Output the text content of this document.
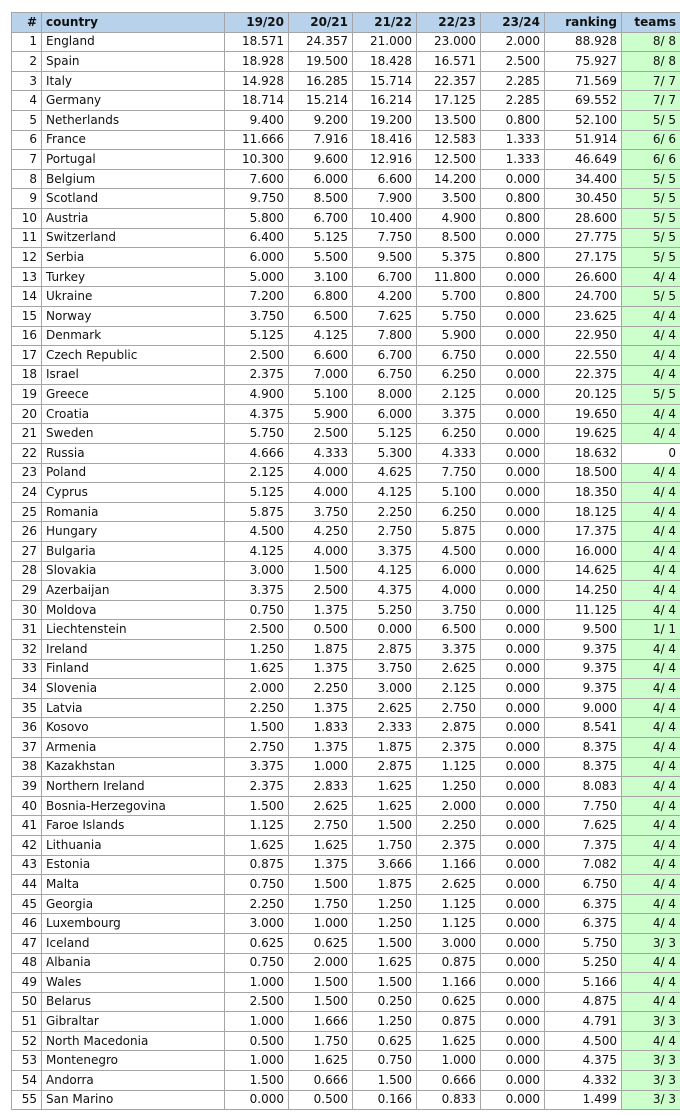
#	country	19/20	20/21	21/22	22/23	23/24	ranking	teams
1	England	18.571	24.357	21.000	23.000	2.000	88.928	8/ 8
2	Spain	18.928	19.500	18.428	16.571	2.500	75.927	8/ 8
3	Italy	14.928	16.285	15.714	22.357	2.285	71.569	7/ 7
4	Germany	18.714	15.214	16.214	17.125	2.285	69.552	7/ 7
5	Netherlands	9.400	9.200	19.200	13.500	0.800	52.100	5/ 5
6	France	11.666	7.916	18.416	12.583	1.333	51.914	6/ 6
7	Portugal	10.300	9.600	12.916	12.500	1.333	46.649	6/ 6
8	Belgium	7.600	6.000	6.600	14.200	0.000	34.400	5/ 5
9	Scotland	9.750	8.500	7.900	3.500	0.800	30.450	5/ 5
10	Austria	5.800	6.700	10.400	4.900	0.800	28.600	5/ 5
11	Switzerland	6.400	5.125	7.750	8.500	0.000	27.775	5/ 5
12	Serbia	6.000	5.500	9.500	5.375	0.800	27.175	5/ 5
13	Turkey	5.000	3.100	6.700	11.800	0.000	26.600	4/ 4
14	Ukraine	7.200	6.800	4.200	5.700	0.800	24.700	5/ 5
15	Norway	3.750	6.500	7.625	5.750	0.000	23.625	4/ 4
16	Denmark	5.125	4.125	7.800	5.900	0.000	22.950	4/ 4
17	Czech Republic	2.500	6.600	6.700	6.750	0.000	22.550	4/ 4
18	Israel	2.375	7.000	6.750	6.250	0.000	22.375	4/ 4
19	Greece	4.900	5.100	8.000	2.125	0.000	20.125	5/ 5
20	Croatia	4.375	5.900	6.000	3.375	0.000	19.650	4/ 4
21	Sweden	5.750	2.500	5.125	6.250	0.000	19.625	4/ 4
22	Russia	4.666	4.333	5.300	4.333	0.000	18.632	0
23	Poland	2.125	4.000	4.625	7.750	0.000	18.500	4/ 4
24	Cyprus	5.125	4.000	4.125	5.100	0.000	18.350	4/ 4
25	Romania	5.875	3.750	2.250	6.250	0.000	18.125	4/ 4
26	Hungary	4.500	4.250	2.750	5.875	0.000	17.375	4/ 4
27	Bulgaria	4.125	4.000	3.375	4.500	0.000	16.000	4/ 4
28	Slovakia	3.000	1.500	4.125	6.000	0.000	14.625	4/ 4
29	Azerbaijan	3.375	2.500	4.375	4.000	0.000	14.250	4/ 4
30	Moldova	0.750	1.375	5.250	3.750	0.000	11.125	4/ 4
31	Liechtenstein	2.500	0.500	0.000	6.500	0.000	9.500	1/ 1
32	Ireland	1.250	1.875	2.875	3.375	0.000	9.375	4/ 4
33	Finland	1.625	1.375	3.750	2.625	0.000	9.375	4/ 4
34	Slovenia	2.000	2.250	3.000	2.125	0.000	9.375	4/ 4
35	Latvia	2.250	1.375	2.625	2.750	0.000	9.000	4/ 4
36	Kosovo	1.500	1.833	2.333	2.875	0.000	8.541	4/ 4
37	Armenia	2.750	1.375	1.875	2.375	0.000	8.375	4/ 4
38	Kazakhstan	3.375	1.000	2.875	1.125	0.000	8.375	4/ 4
39	Northern Ireland	2.375	2.833	1.625	1.250	0.000	8.083	4/ 4
40	Bosnia-Herzegovina	1.500	2.625	1.625	2.000	0.000	7.750	4/ 4
41	Faroe Islands	1.125	2.750	1.500	2.250	0.000	7.625	4/ 4
42	Lithuania	1.625	1.625	1.750	2.375	0.000	7.375	4/ 4
43	Estonia	0.875	1.375	3.666	1.166	0.000	7.082	4/ 4
44	Malta	0.750	1.500	1.875	2.625	0.000	6.750	4/ 4
45	Georgia	2.250	1.750	1.250	1.125	0.000	6.375	4/ 4
46	Luxembourg	3.000	1.000	1.250	1.125	0.000	6.375	4/ 4
47	Iceland	0.625	0.625	1.500	3.000	0.000	5.750	3/ 3
48	Albania	0.750	2.000	1.625	0.875	0.000	5.250	4/ 4
49	Wales	1.000	1.500	1.500	1.166	0.000	5.166	4/ 4
50	Belarus	2.500	1.500	0.250	0.625	0.000	4.875	4/ 4
51	Gibraltar	1.000	1.666	1.250	0.875	0.000	4.791	3/ 3
52	North Macedonia	0.500	1.750	0.625	1.625	0.000	4.500	4/ 4
53	Montenegro	1.000	1.625	0.750	1.000	0.000	4.375	3/ 3
54	Andorra	1.500	0.666	1.500	0.666	0.000	4.332	3/ 3
55	San Marino	0.000	0.500	0.166	0.833	0.000	1.499	3/ 3
